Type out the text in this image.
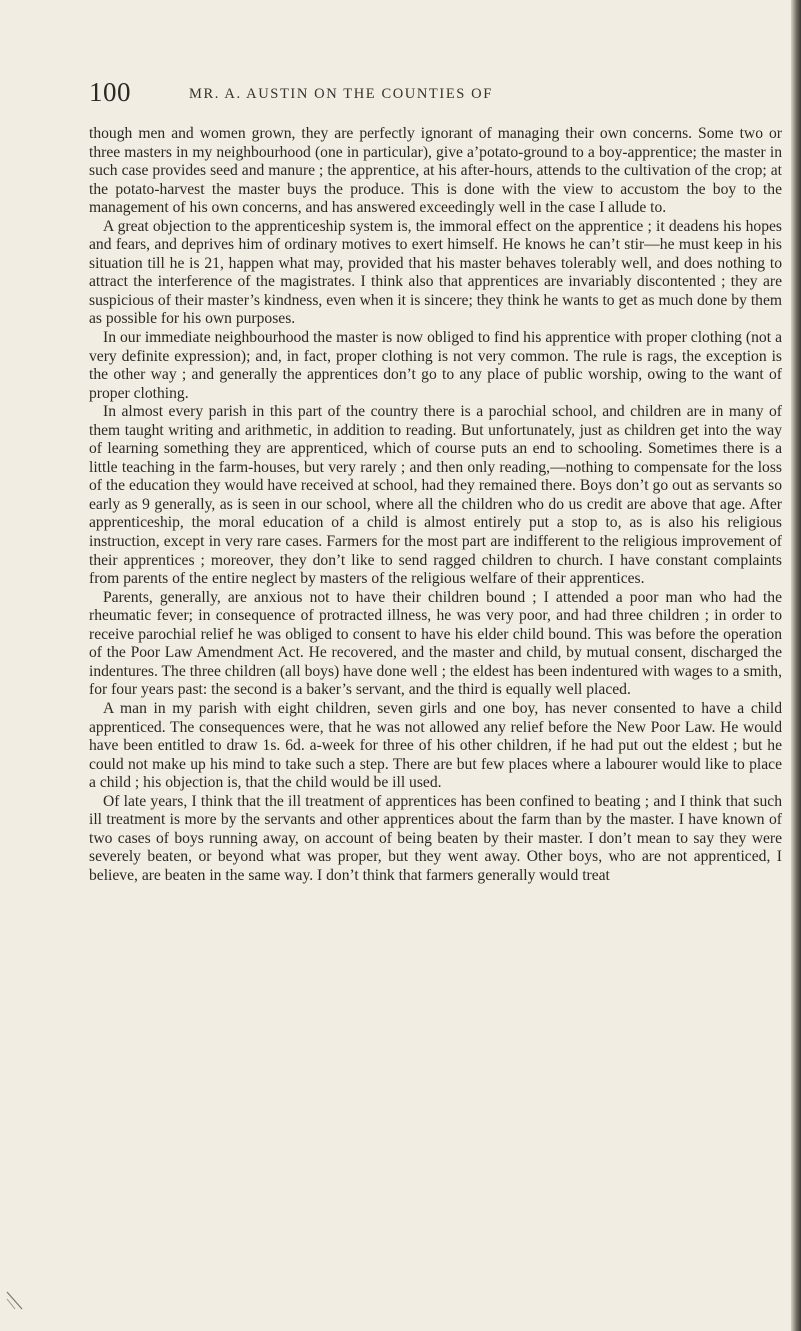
100	MR. A. AUSTIN ON THE COUNTIES OF

though men and women grown, they are perfectly ignorant of managing their own concerns. Some two or three masters in my neighbourhood (one in particular), give a’potato-ground to a boy-apprentice; the master in such case provides seed and manure ; the apprentice, at his after-hours, attends to the cultivation of the crop; at the potato-harvest the master buys the produce. This is done with the view to accustom the boy to the management of his own concerns, and has answered exceedingly well in the case I allude to.

A great objection to the apprenticeship system is, the immoral effect on the apprentice ; it deadens his hopes and fears, and deprives him of ordinary motives to exert himself. He knows he can’t stir—he must keep in his situation till he is 21, happen what may, provided that his master behaves tolerably well, and does nothing to attract the interference of the magistrates. I think also that apprentices are invariably discontented ; they are suspicious of their master’s kindness, even when it is sincere; they think he wants to get as much done by them as possible for his own purposes.

In our immediate neighbourhood the master is now obliged to find his apprentice with proper clothing (not a very definite expression); and, in fact, proper clothing is not very common. The rule is rags, the exception is the other way ; and generally the apprentices don’t go to any place of public worship, owing to the want of proper clothing.

In almost every parish in this part of the country there is a parochial school, and children are in many of them taught writing and arithmetic, in addition to reading. But unfortunately, just as children get into the way of learning something they are apprenticed, which of course puts an end to schooling. Sometimes there is a little teaching in the farm-houses, but very rarely ; and then only reading,—nothing to compensate for the loss of the education they would have received at school, had they remained there. Boys don’t go out as servants so early as 9 generally, as is seen in our school, where all the children who do us credit are above that age. After apprenticeship, the moral education of a child is almost entirely put a stop to, as is also his religious instruction, except in very rare cases. Farmers for the most part are indifferent to the religious improvement of their apprentices ; moreover, they don’t like to send ragged children to church. I have constant complaints from parents of the entire neglect by masters of the religious welfare of their apprentices.

Parents, generally, are anxious not to have their children bound ; I attended a poor man who had the rheumatic fever; in consequence of protracted illness, he was very poor, and had three children ; in order to receive parochial relief he was obliged to consent to have his elder child bound. This was before the operation of the Poor Law Amendment Act. He recovered, and the master and child, by mutual consent, discharged the indentures. The three children (all boys) have done well ; the eldest has been indentured with wages to a smith, for four years past: the second is a baker’s servant, and the third is equally well placed.

A man in my parish with eight children, seven girls and one boy, has never consented to have a child apprenticed. The consequences were, that he was not allowed any relief before the New Poor Law. He would have been entitled to draw 1s. 6d. a-week for three of his other children, if he had put out the eldest ; but he could not make up his mind to take such a step. There are but few places where a labourer would like to place a child ; his objection is, that the child would be ill used.

Of late years, I think that the ill treatment of apprentices has been confined to beating ; and I think that such ill treatment is more by the servants and other apprentices about the farm than by the master. I have known of two cases of boys running away, on account of being beaten by their master. I don’t mean to say they were severely beaten, or beyond what was proper, but they went away. Other boys, who are not apprenticed, I believe, are beaten in the same way. I don’t think that farmers generally would treat
